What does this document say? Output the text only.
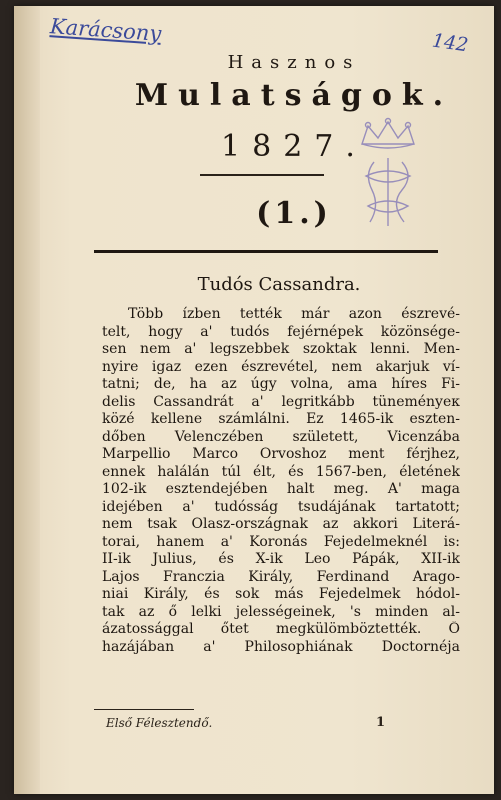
Karácsony	142
Hasznos
Mulatságok.
1827.
(1.)
Tudós Cassandra.
Több ízben tették már azon észrevé-
telt, hogy a' tudós fejérnépek közönsége-
sen nem a' legszebbek szoktak lenni. Men-
nyire igaz ezen észrevétel, nem akarjuk ví-
tatni; de, ha az úgy volna, ama híres Fi-
delis Cassandrát a' legritkább tüneményeк
közé kellene számlálni. Ez 1465-ik eszten-
dőben Velenczében született, Vicenzába
Marpellio Marco Orvoshoz ment férjhez,
ennek halálán túl élt, és 1567-ben, életének
102-ik esztendejében halt meg. A' maga
idejében a' tudósság tsudájának tartatott;
nem tsak Olasz-országnak az akkori Literá-
torai, hanem a' Koronás Fejedelmeknél is:
II-ik Julius, és X-ik Leo Pápák, XII-ik
Lajos Franczia Király, Ferdinand Arago-
niai Király, és sok más Fejedelmek hódol-
tak az ő lelki jelességeinek, 's minden al-
ázatossággal őtet megkülömböztették. Ő
hazájában a' Philosophiának Doctornéja
Első Félesztendő.	1
